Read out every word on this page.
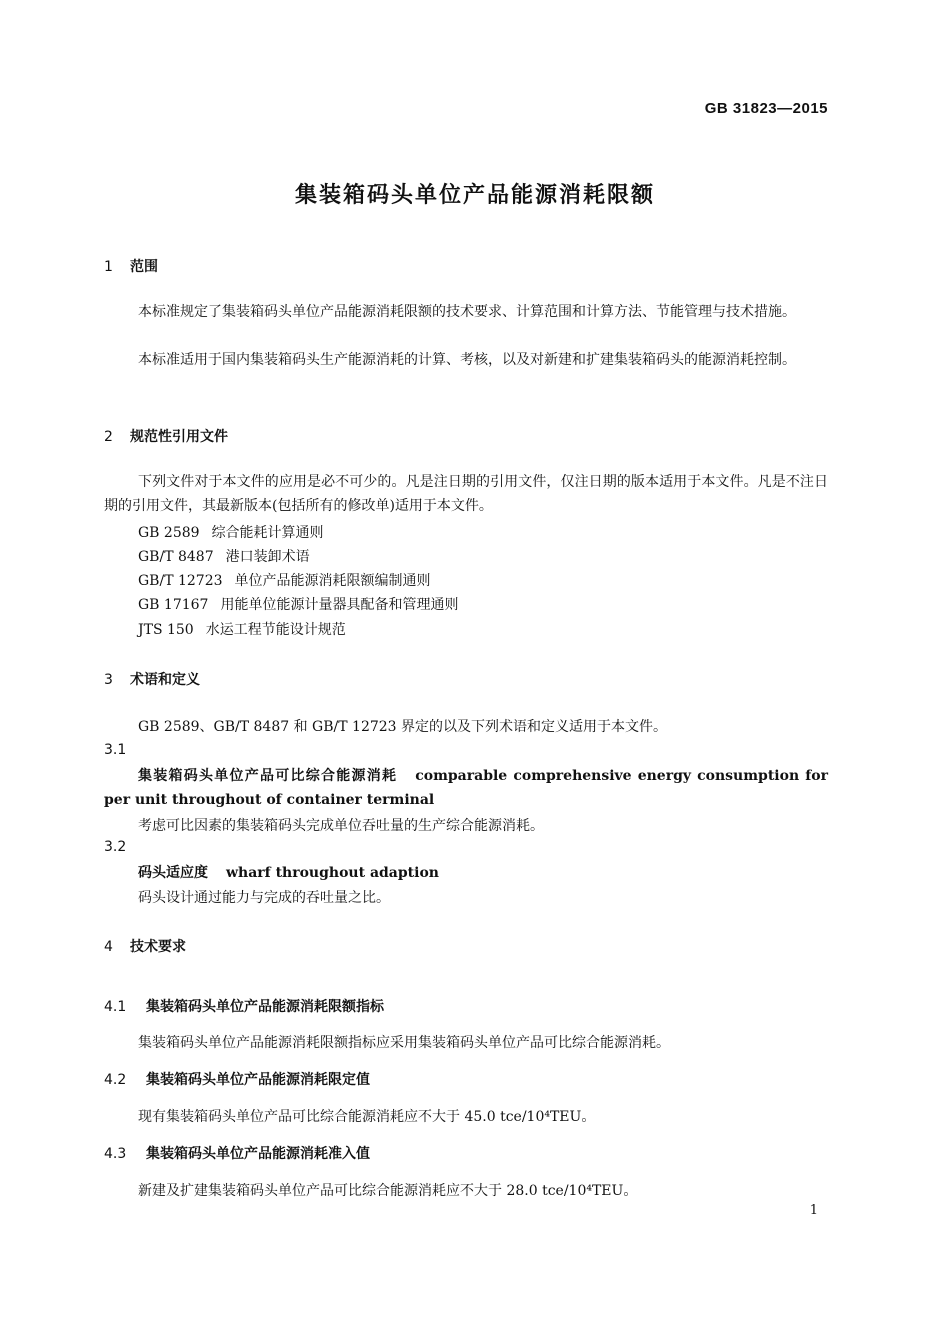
GB 31823—2015
集装箱码头单位产品能源消耗限额
1 范围
本标准规定了集装箱码头单位产品能源消耗限额的技术要求、计算范围和计算方法、节能管理与技术措施。
本标准适用于国内集装箱码头生产能源消耗的计算、考核，以及对新建和扩建集装箱码头的能源消耗控制。
2 规范性引用文件
下列文件对于本文件的应用是必不可少的。凡是注日期的引用文件，仅注日期的版本适用于本文件。凡是不注日期的引用文件，其最新版本(包括所有的修改单)适用于本文件。
GB 2589 综合能耗计算通则
GB/T 8487 港口装卸术语
GB/T 12723 单位产品能源消耗限额编制通则
GB 17167 用能单位能源计量器具配备和管理通则
JTS 150 水运工程节能设计规范
3 术语和定义
GB 2589、GB/T 8487 和 GB/T 12723 界定的以及下列术语和定义适用于本文件。
3.1
集装箱码头单位产品可比综合能源消耗 comparable comprehensive energy consumption for per unit throughout of container terminal
考虑可比因素的集装箱码头完成单位吞吐量的生产综合能源消耗。
3.2
码头适应度 wharf throughout adaption
码头设计通过能力与完成的吞吐量之比。
4 技术要求
4.1 集装箱码头单位产品能源消耗限额指标
集装箱码头单位产品能源消耗限额指标应采用集装箱码头单位产品可比综合能源消耗。
4.2 集装箱码头单位产品能源消耗限定值
现有集装箱码头单位产品可比综合能源消耗应不大于 45.0 tce/10⁴TEU。
4.3 集装箱码头单位产品能源消耗准入值
新建及扩建集装箱码头单位产品可比综合能源消耗应不大于 28.0 tce/10⁴TEU。
1
